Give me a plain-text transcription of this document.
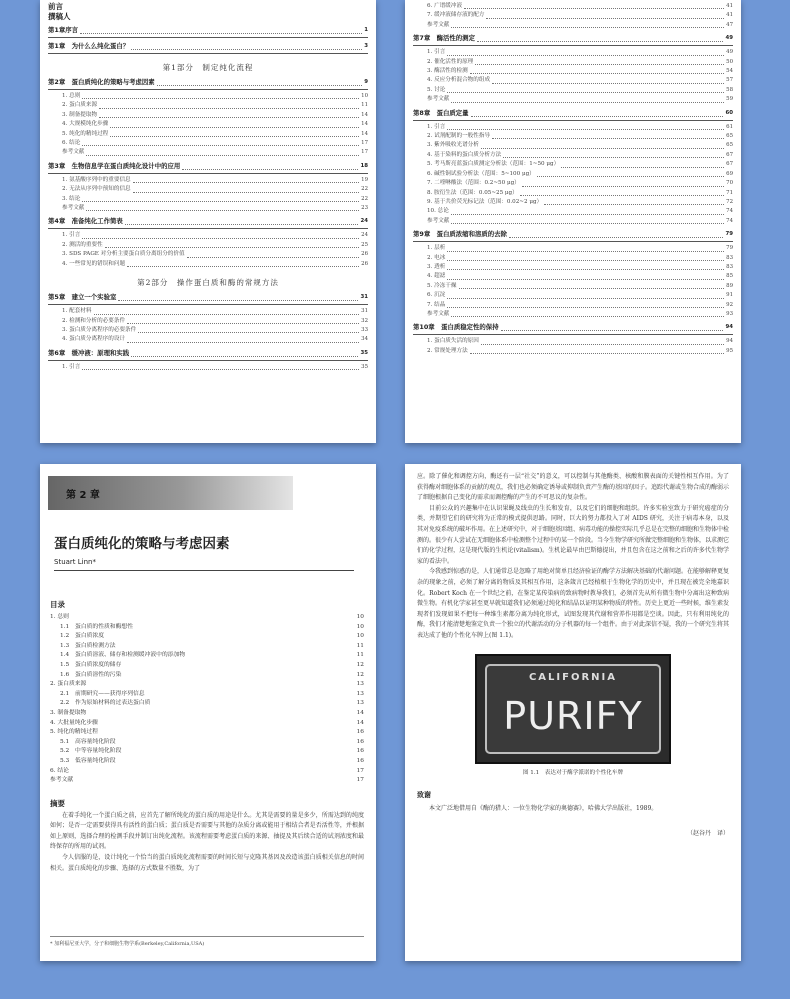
前言
撰稿人
第1章序言	1
第1章　为什么么纯化蛋白？	3
第1部分　制定纯化流程
第2章　蛋白质纯化的策略与考虑因素	9
1. 总则	10
2. 蛋白质来源	11
3. 制备提取物	14
4. 大规模纯化步骤	14
5. 纯化的精纯过程	14
6. 结论	17
参考文献	17
第3章　生物信息学在蛋白质纯化设计中的应用	18
1. 氨基酸序列中的重要信息	19
2. 无法从序列中预知的信息	22
3. 结论	22
参考文献	23
第4章　准备纯化工作简表	24
1. 引言	24
2. 测活的重要性	25
3. SDS PAGE 对分析主要蛋白质分离组分的价值	26
4. 一些常见的错误和问题	26
第2部分　操作蛋白质和酶的常规方法
第5章　建立一个实验室	31
1. 配套材料	31
2. 检测和分析的必要条件	32
3. 蛋白质分离程序的必要条件	33
4. 蛋白质分离程序的设计	34
第6章　缓冲液：原理和实践	35
1. 引言	35
6. 广谱缓冲液	41
7. 缓冲液储存液的配方	41
参考文献	47
第7章　酶活性的测定	49
1. 引言	49
2. 催化活性的原理	50
3. 酶活性的检测	54
4. 反应分析混合物的组成	57
5. 讨论	58
参考文献	59
第8章　蛋白质定量	60
1. 引言	61
2. 试剂配制的一般性指导	65
3. 紫外吸收光谱分析	65
4. 基于染料的蛋白质分析方法	67
5. 考马斯亮蓝蛋白质测定分析法（范围：1~50 μg）	67
6. 碱性铜试验分析法（范围：5~100 μg）	69
7. 二喹啉酸法（范围：0.2~50 μg）	70
8. 胺衍生法（范围：0.05~25 μg）	71
9. 基于共价荧光标记法（范围：0.02~2 μg）	72
10. 总论	74
参考文献	74
第9章　蛋白质浓缩和溶质的去除	79
1. 层析	79
2. 电冰	83
3. 透析	83
4. 超滤	85
5. 冷冻干燥	89
6. 沉淀	91
7. 结晶	92
参考文献	93
第10章　蛋白质稳定性的保持	94
1. 蛋白质失活的原因	94
2. 常规处理方法	95
第 2 章
蛋白质纯化的策略与考虑因素
Stuart Linn*
目录
1. 总则	10
1.1　蛋白质的性质和酶想性	10
1.2　蛋白质浓度	10
1.3　蛋白质检测方法	11
1.4　蛋白质溶液、储存和检测缓冲液中的添加物	11
1.5　蛋白质浓度的储存	12
1.6　蛋白质溶性的污染	12
2. 蛋白质来源	13
2.1　前期研究——获得序列信息	13
2.2　作为原始材料的过表达蛋白质	13
3. 制备提取物	14
4. 大批量纯化步骤	14
5. 纯化的精纯过程	16
5.1　高容量纯化阶段	16
5.2　中等容量纯化阶段	16
5.3　低容量纯化阶段	16
6. 结论	17
参考文献	17
摘要
在着手纯化一个蛋白质之前，应首先了解所纯化的蛋白质的用途是什么。尤其是需要的量是多少，所需达到的纯度如何；是否一定需要获得具有活性的蛋白质；蛋白质是否需要与其他的杂质分离或能用于相结合者是否活性等，并根据如上原则，选择合理的检测手段并制订出纯化流程。该流程需要考虑蛋白质的来源、抽提及其后续合适的试剂浓度和最终保存的所用的试剂。
令人信服的是，设计纯化一个恰当的蛋白质纯化流程需要的时间长短与克隆其基因及改造该蛋白质相关信息的时间相关。蛋白质纯化的步骤、选择的方式数量不胜数，为了
* 加利福尼亚大学，分子和细胞生物学系(Berkeley,California,USA)
应。除了催化和调控方向，酶还有一层“社交”的意义，可以控制与其他酶类、核酸和膜表面的关键性相互作用。为了获得酶对细胞体系的贡献的观点，我们也必须确定诱导或抑制负责产生酶的基因的因子。追踪代谢或生物合成的酶弱示了细胞根据自己变化的需求而调控酶的产生的不可思议的复杂性。
目前公众的兴趣集中在认识果蝇及线虫的生长和发育，以及它们的细胞和组织。许多实验室致力于研究癌症的分类，并期望它们的研究将为正常的模式提供思路。同时，巨大的努力都投入了对 AIDS 研究，关注于病毒本身，以及其对免疫系统的破坏作用。在上述研究中，对于细胞基因组、病毒功能的操控实际几乎总是在完整的细胞和生物体中检测的。很少有人尝试在无细胞体系中检测整个过程中的某一个阶段。当今生物学研究所做完整细胞和生物体，以求测它们的化学过程，这是现代版的生机论(vitalism)。生机论最早由巴斯德提出，并且包含在这之前和之后的许多代生物学家的看法中。
今我感到惊惑的是，人们通常总是忽略了用绝对简单且经济验证的酶学方法解决基础的代谢问题。在能够解释更复杂的现象之前，必须了解分离的物质及其相互作用，这条箴言已经植根于生物化学的历史中，并且现在被完全地嘉识化。Robert Koch 在一个世纪之前，在鉴定某传染病的致病物时教导我们，必须首先从所有微生物中分离出这种致病微生物。有机化学家甚至更早就知道我们必须通过纯化和结晶以证明某种物质的特性。历史上更近一些时候，维生素发现者们发现如果不把每一种维生素都分离为纯化形式，试图发现其代谢和营养作用都是空谈。因此，只有利用纯化的酶，我们才能清楚地鉴定负责一个独立的代谢活动的分子机器的每一个组件。由于对此深信不疑，我的一个研究生将其表达成了他的个性化车牌上(图 1.1)。
CALIFORNIA
PURIFY
图 1.1　表达对于酶学派诺的个性化车牌
致谢
本文广泛地借用自《酶的猎人：一位生物化学家的奥德赛》，哈佛大学出版社，1989。
（赵谷丹　译）
